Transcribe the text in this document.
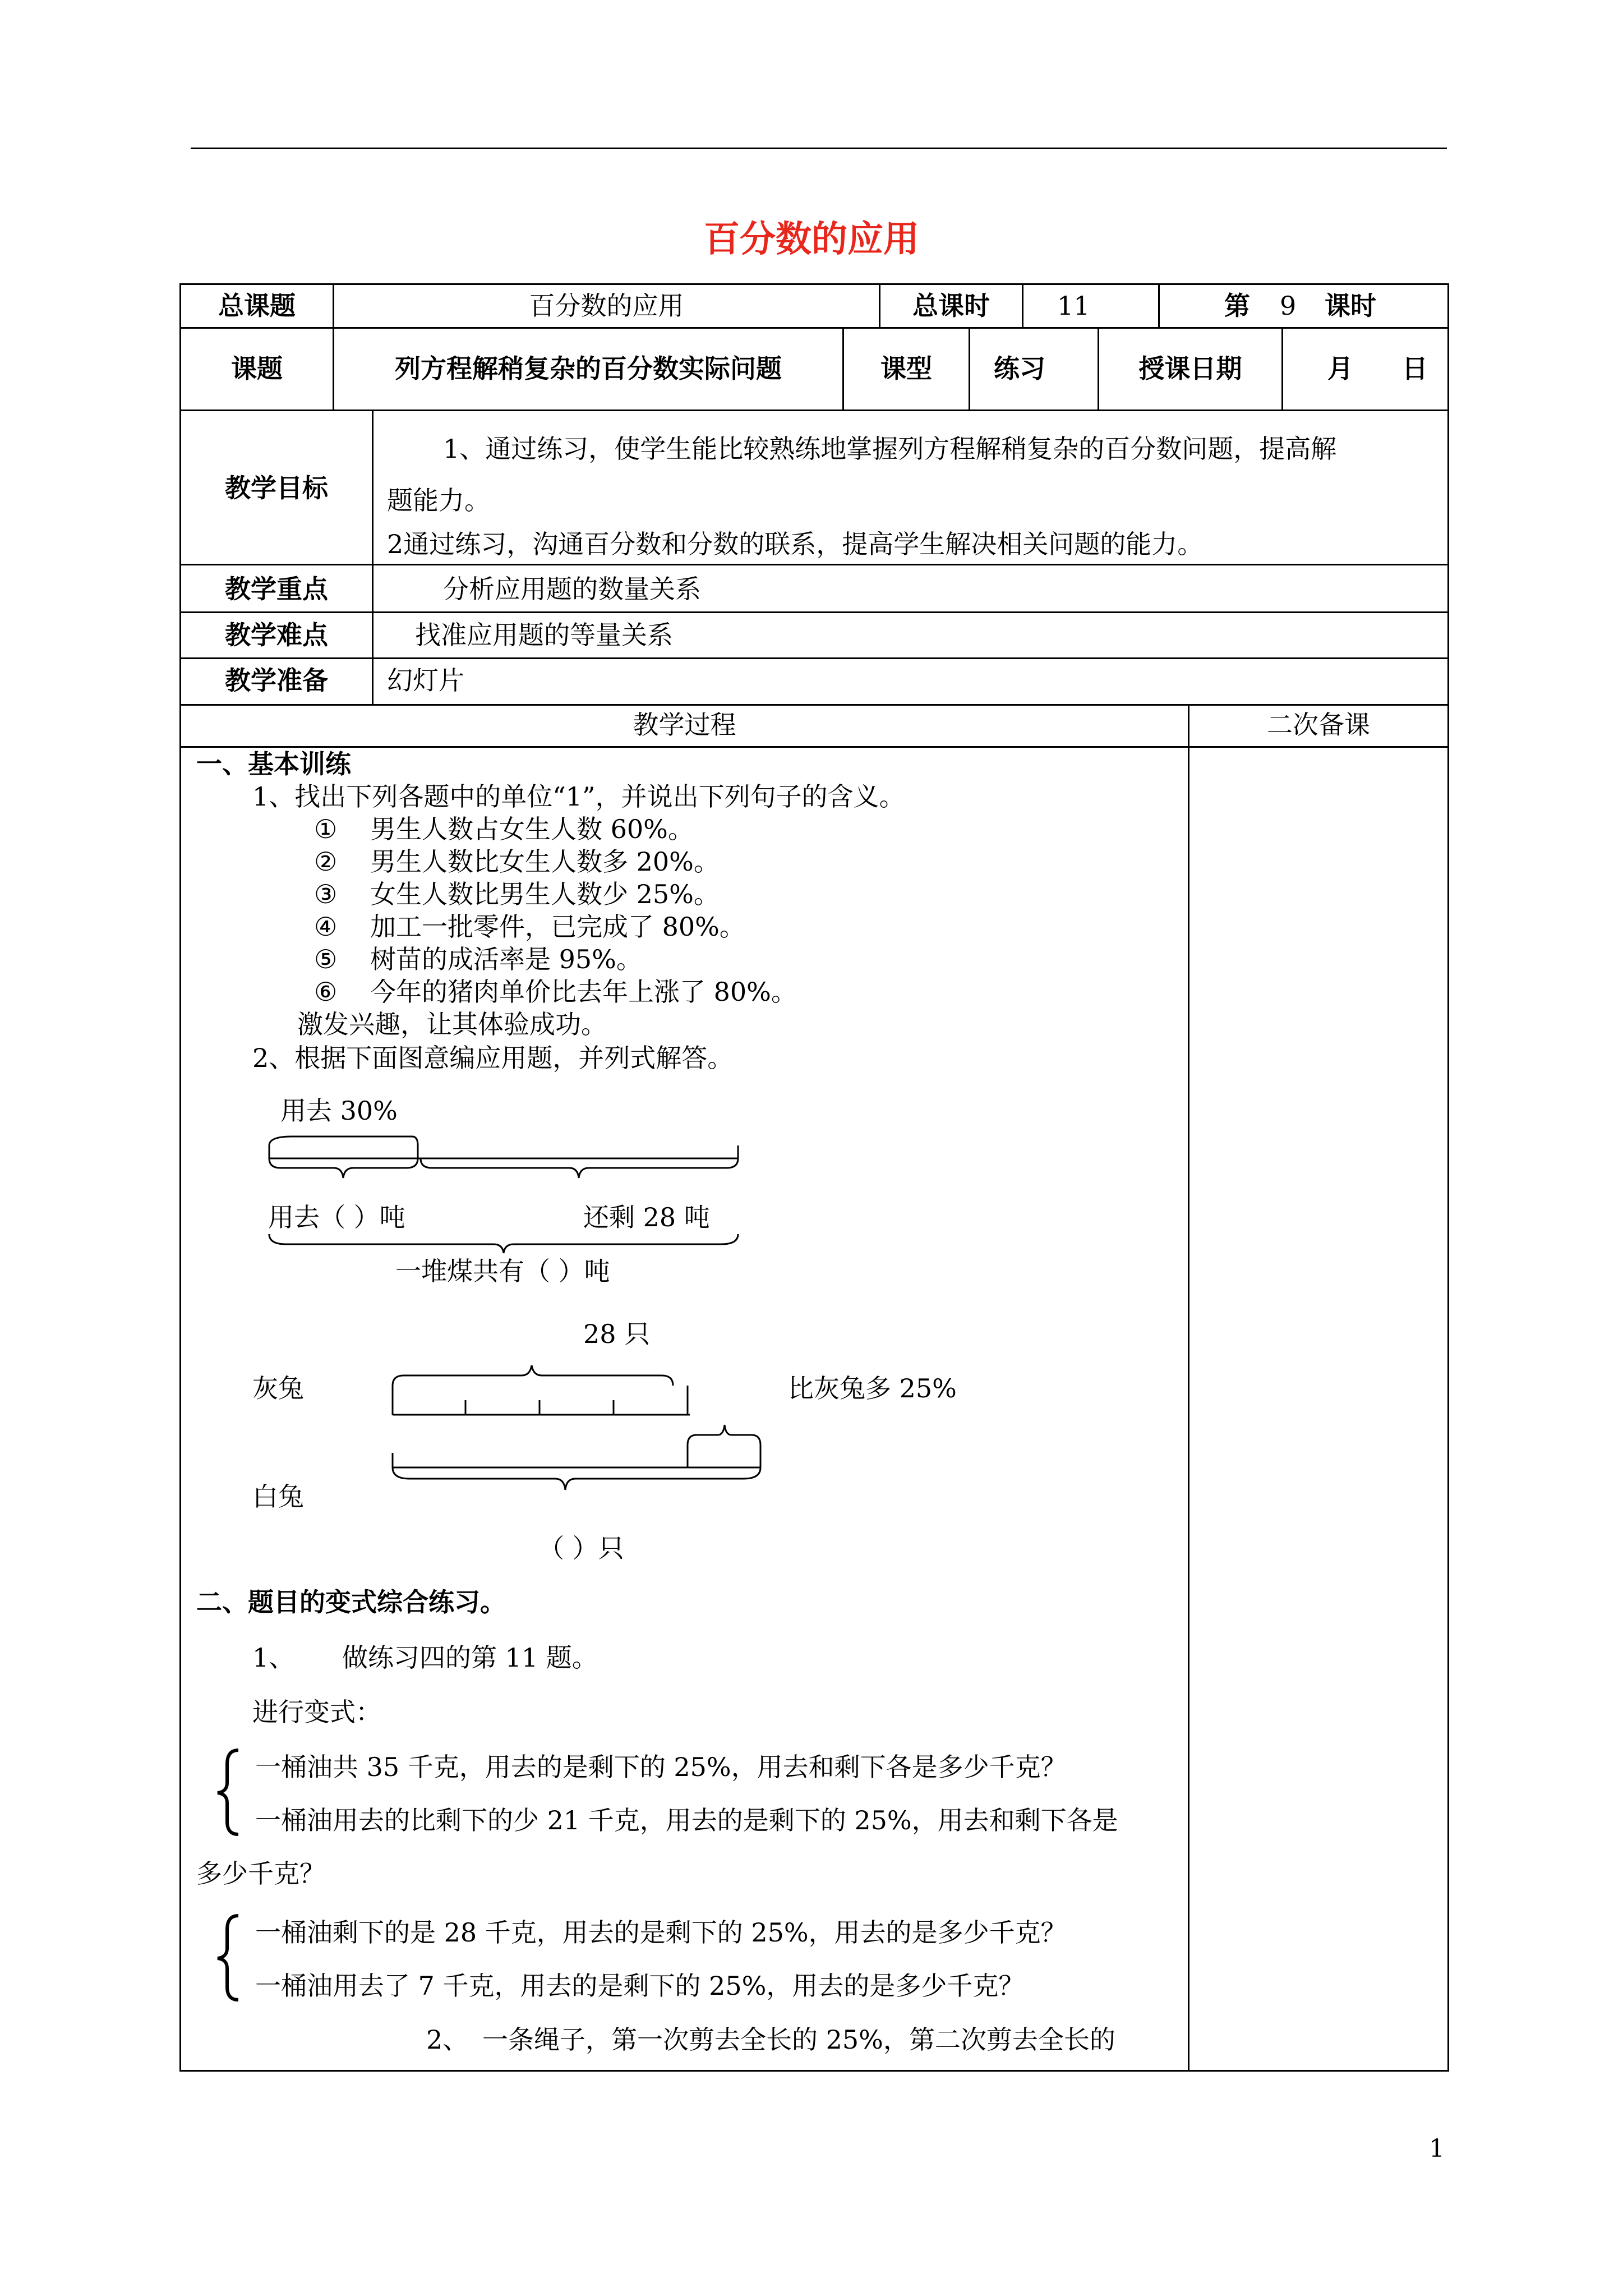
百分数的应用
总课题	百分数的应用	总课时	11	第 9 课时
课题	列方程解稍复杂的百分数实际问题	课型	练习	授课日期	月 日
教学目标
1、通过练习，使学生能比较熟练地掌握列方程解稍复杂的百分数问题，提高解
题能力。
2通过练习，沟通百分数和分数的联系，提高学生解决相关问题的能力。
教学重点	分析应用题的数量关系
教学难点	找准应用题的等量关系
教学准备	幻灯片
教学过程	二次备课
一、基本训练
1、找出下列各题中的单位“1”，并说出下列句子的含义。
① 男生人数占女生人数 60%。
② 男生人数比女生人数多 20%。
③ 女生人数比男生人数少 25%。
④ 加工一批零件，已完成了 80%。
⑤ 树苗的成活率是 95%。
⑥ 今年的猪肉单价比去年上涨了 80%。
激发兴趣，让其体验成功。
2、根据下面图意编应用题，并列式解答。
用去 30%
用去（ ）吨	还剩 28 吨
一堆煤共有（ ）吨
28 只
灰兔	比灰兔多 25%
白兔
（ ）只
二、题目的变式综合练习。
1、 做练习四的第 11 题。
进行变式：
一桶油共 35 千克，用去的是剩下的 25%，用去和剩下各是多少千克？
一桶油用去的比剩下的少 21 千克，用去的是剩下的 25%，用去和剩下各是
多少千克？
一桶油剩下的是 28 千克，用去的是剩下的 25%，用去的是多少千克？
一桶油用去了 7 千克，用去的是剩下的 25%，用去的是多少千克？
2、 一条绳子，第一次剪去全长的 25%，第二次剪去全长的
1
